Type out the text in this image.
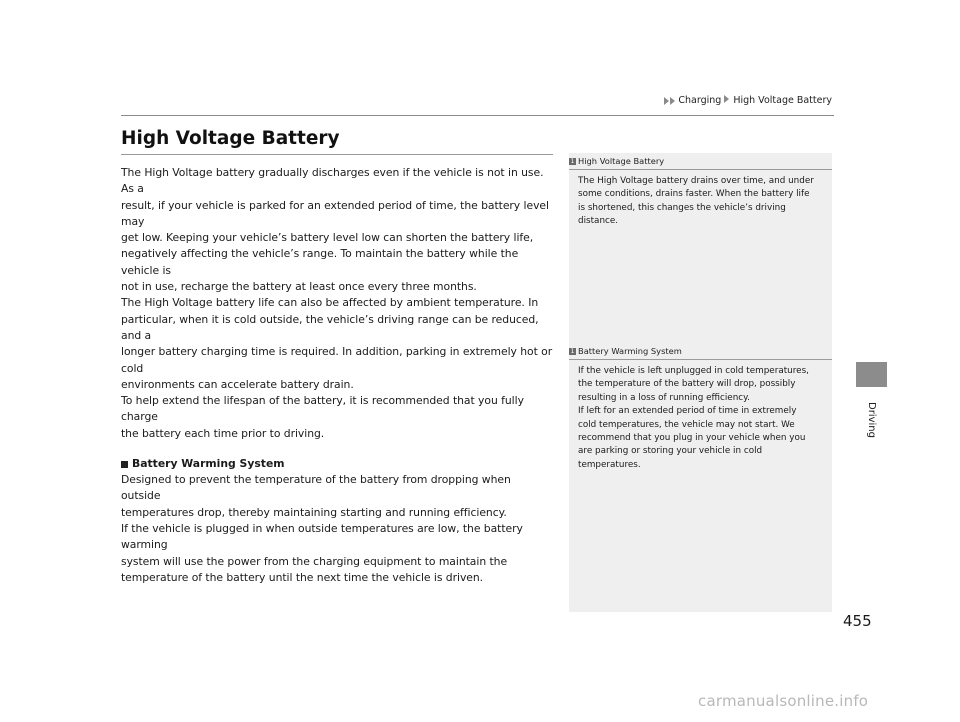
Charging High Voltage Battery
Driving
High Voltage Battery

The High Voltage battery gradually discharges even if the vehicle is not in use. As a
result, if your vehicle is parked for an extended period of time, the battery level may
get low. Keeping your vehicle’s battery level low can shorten the battery life,
negatively affecting the vehicle’s range. To maintain the battery while the vehicle is
not in use, recharge the battery at least once every three months.
The High Voltage battery life can also be affected by ambient temperature. In
particular, when it is cold outside, the vehicle’s driving range can be reduced, and a
longer battery charging time is required. In addition, parking in extremely hot or cold
environments can accelerate battery drain.
To help extend the lifespan of the battery, it is recommended that you fully charge
the battery each time prior to driving.

Battery Warming System

Designed to prevent the temperature of the battery from dropping when outside
temperatures drop, thereby maintaining starting and running efficiency.
If the vehicle is plugged in when outside temperatures are low, the battery warming
system will use the power from the charging equipment to maintain the
temperature of the battery until the next time the vehicle is driven.

1 High Voltage Battery
The High Voltage battery drains over time, and under
some conditions, drains faster. When the battery life
is shortened, this changes the vehicle’s driving
distance.
1 Battery Warming System
If the vehicle is left unplugged in cold temperatures,
the temperature of the battery will drop, possibly
resulting in a loss of running efficiency.
If left for an extended period of time in extremely
cold temperatures, the vehicle may not start. We
recommend that you plug in your vehicle when you
are parking or storing your vehicle in cold
temperatures.
455
carmanualsonline.info
